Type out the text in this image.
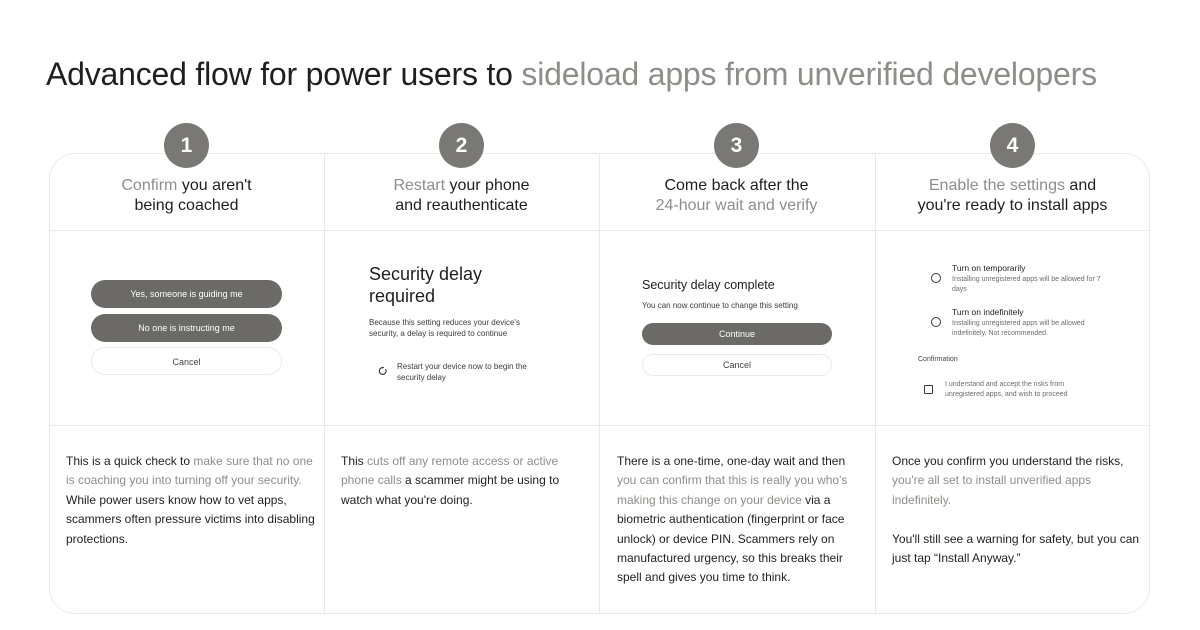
Advanced flow for power users to sideload apps from unverified developers
1
Confirm you aren't
being coached
Yes, someone is guiding me
No one is instructing me
Cancel
This is a quick check to make sure that no one is coaching you into turning off your security. While power users know how to vet apps, scammers often pressure victims into disabling protections.
2
Restart your phone
and reauthenticate
Security delay required
Because this setting reduces your device's security, a delay is required to continue
Restart your device now to begin the security delay
This cuts off any remote access or active phone calls a scammer might be using to watch what you're doing.
3
Come back after the
24-hour wait and verify
Security delay complete
You can now continue to change this setting
Continue
Cancel
There is a one-time, one-day wait and then you can confirm that this is really you who's making this change on your device via a biometric authentication (fingerprint or face unlock) or device PIN. Scammers rely on manufactured urgency, so this breaks their spell and gives you time to think.
4
Enable the settings and
you're ready to install apps
Turn on temporarily
Installing unregistered apps will be allowed for 7 days
Turn on indefinitely
Installing unregistered apps will be allowed indefinitely. Not recommended.
Confirmation
I understand and accept the risks from unregistered apps, and wish to proceed
Once you confirm you understand the risks, you're all set to install unverified apps indefinitely.

You'll still see a warning for safety, but you can just tap “Install Anyway.”
